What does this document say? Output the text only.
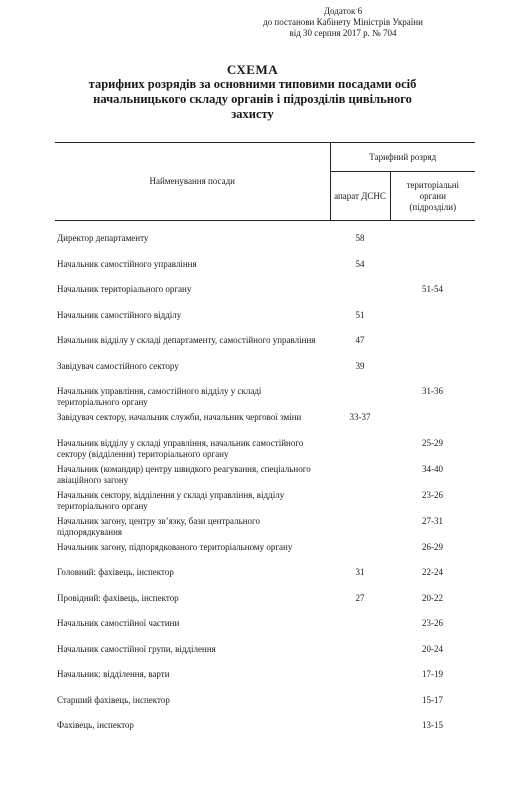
Додаток 6
до постанови Кабінету Міністрів України
від 30 серпня 2017 р. № 704
СХЕМА
тарифних розрядів за основними типовими посадами осіб
начальницького складу органів і підрозділів цивільного
захисту
Найменування посади	Тарифний розряд	
	апарат ДСНС	територіальні
органи
(підрозділи)

Директор департаменту	58	

Начальник самостійного управління	54	

Начальник територіального органу		51-54

Начальник самостійного відділу	51	

Начальник відділу у складі департаменту, самостійного управління	47	

Завідувач самостійного сектору	39	

Начальник управління, самостійного відділу у складі територіального органу		31-36

Завідувач сектору, начальник служби, начальник чергової зміни	33-37	

Начальник відділу у складі управління, начальник самостійного сектору (відділення) територіального органу		25-29

Начальник (командир) центру швидкого реагування, спеціального авіаційного загону		34-40

Начальник сектору, відділення у складі управління, відділу територіального органу		23-26

Начальник загону, центру зв’язку, бази центрального підпорядкування		27-31

Начальник загону, підпорядкованого територіальному органу		26-29

Головний: фахівець, інспектор	31	22-24

Провідний: фахівець, інспектор	27	20-22

Начальник самостійної частини		23-26

Начальник самостійної групи, відділення		20-24

Начальник: відділення, варти		17-19

Старший фахівець, інспектор		15-17

Фахівець, інспектор		13-15
